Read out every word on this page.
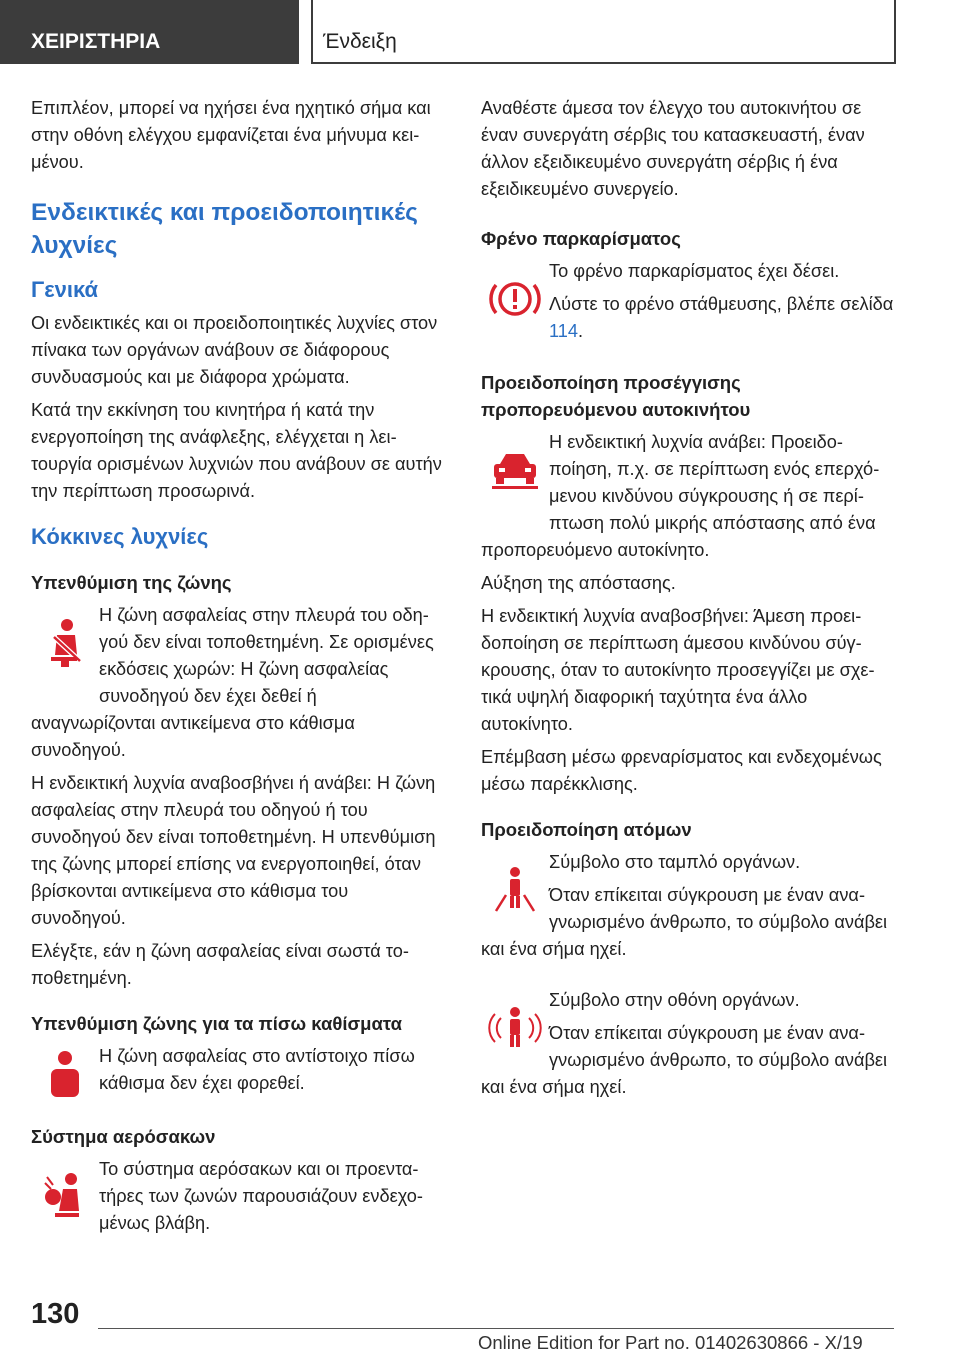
ΧΕΙΡΙΣΤΗΡΙΑ	Ένδειξη

Επιπλέον, μπορεί να ηχήσει ένα ηχητικό σήμα και στην οθόνη ελέγχου εμφανίζεται ένα μήνυμα κειμένου.

Ενδεικτικές και προειδοποιητικές λυχνίες
Γενικά

Οι ενδεικτικές και οι προειδοποιητικές λυχνίες στον πίνακα των οργάνων ανάβουν σε διάφορους συνδυασμούς και με διάφορα χρώματα.

Κατά την εκκίνηση του κινητήρα ή κατά την ενεργοποίηση της ανάφλεξης, ελέγχεται η λειτουργία ορισμένων λυχνιών που ανάβουν σε αυτήν την περίπτωση προσωρινά.

Κόκκινες λυχνίες
Υπενθύμιση της ζώνης

Η ζώνη ασφαλείας στην πλευρά του οδηγού δεν είναι τοποθετημένη. Σε ορισμένες εκδόσεις χωρών: Η ζώνη ασφαλείας συνοδηγού δεν έχει δεθεί ή αναγνωρίζονται αντικείμενα στο κάθισμα συνοδηγού.

Η ενδεικτική λυχνία αναβοσβήνει ή ανάβει: Η ζώνη ασφαλείας στην πλευρά του οδηγού ή του συνοδηγού δεν είναι τοποθετημένη. Η υπενθύμιση της ζώνης μπορεί επίσης να ενεργοποιηθεί, όταν βρίσκονται αντικείμενα στο κάθισμα του συνοδηγού.

Ελέγξτε, εάν η ζώνη ασφαλείας είναι σωστά τοποθετημένη.

Υπενθύμιση ζώνης για τα πίσω καθίσματα

Η ζώνη ασφαλείας στο αντίστοιχο πίσω κάθισμα δεν έχει φορεθεί.

Σύστημα αερόσακων

Το σύστημα αερόσακων και οι προεντατήρες των ζωνών παρουσιάζουν ενδεχομένως βλάβη.

Αναθέστε άμεσα τον έλεγχο του αυτοκινήτου σε έναν συνεργάτη σέρβις του κατασκευαστή, έναν άλλον εξειδικευμένο συνεργάτη σέρβις ή ένα εξειδικευμένο συνεργείο.

Φρένο παρκαρίσματος

Το φρένο παρκαρίσματος έχει δέσει.

Λύστε το φρένο στάθμευσης, βλέπε σελίδα 114.

Προειδοποίηση προσέγγισης προπορευόμενου αυτοκινήτου

Η ενδεικτική λυχνία ανάβει: Προειδοποίηση, π.χ. σε περίπτωση ενός επερχόμενου κινδύνου σύγκρουσης ή σε περίπτωση πολύ μικρής απόστασης από ένα προπορευόμενο αυτοκίνητο.

Αύξηση της απόστασης.

Η ενδεικτική λυχνία αναβοσβήνει: Άμεση προειδοποίηση σε περίπτωση άμεσου κινδύνου σύγκρουσης, όταν το αυτοκίνητο προσεγγίζει με σχετικά υψηλή διαφορική ταχύτητα ένα άλλο αυτοκίνητο.

Επέμβαση μέσω φρεναρίσματος και ενδεχομένως μέσω παρέκκλισης.

Προειδοποίηση ατόμων

Σύμβολο στο ταμπλό οργάνων.

Όταν επίκειται σύγκρουση με έναν αναγνωρισμένο άνθρωπο, το σύμβολο ανάβει και ένα σήμα ηχεί.

Σύμβολο στην οθόνη οργάνων.

Όταν επίκειται σύγκρουση με έναν αναγνωρισμένο άνθρωπο, το σύμβολο ανάβει και ένα σήμα ηχεί.

130
Online Edition for Part no. 01402630866 - X/19
